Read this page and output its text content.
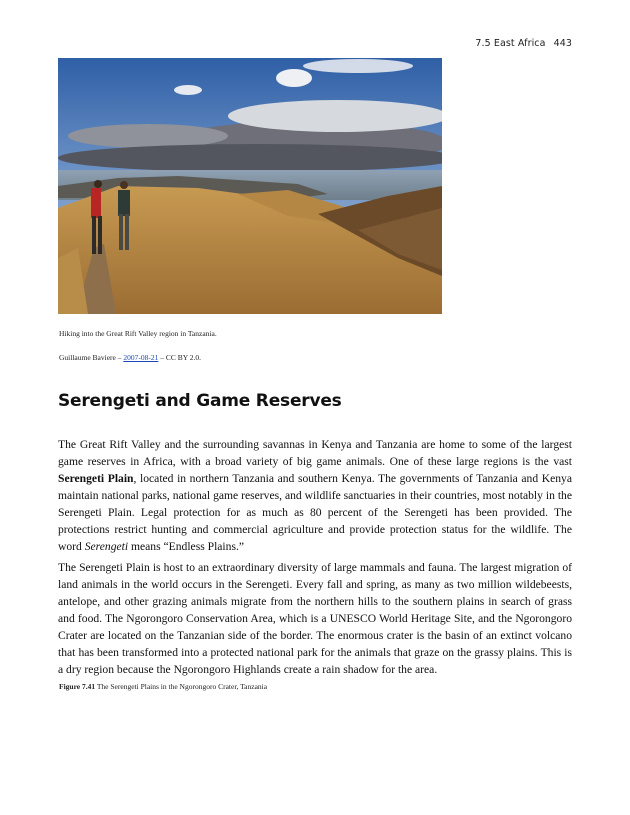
7.5 East Africa 443
Hiking into the Great Rift Valley region in Tanzania.
Guillaume Baviere – 2007-08-21 – CC BY 2.0.
Serengeti and Game Reserves

The Great Rift Valley and the surrounding savannas in Kenya and Tanzania are home to some of the largest game reserves in Africa, with a broad variety of big game animals. One of these large regions is the vast Serengeti Plain, located in northern Tanzania and southern Kenya. The governments of Tanzania and Kenya maintain national parks, national game reserves, and wildlife sanctuaries in their countries, most notably in the Serengeti Plain. Legal protection for as much as 80 percent of the Serengeti has been provided. The protections restrict hunting and commercial agriculture and provide protection status for the wildlife. The word Serengeti means “Endless Plains.”

The Serengeti Plain is host to an extraordinary diversity of large mammals and fauna. The largest migration of land animals in the world occurs in the Serengeti. Every fall and spring, as many as two million wildebeests, antelope, and other grazing animals migrate from the northern hills to the southern plains in search of grass and food. The Ngorongoro Conservation Area, which is a UNESCO World Heritage Site, and the Ngorongoro Crater are located on the Tanzanian side of the border. The enormous crater is the basin of an extinct volcano that has been transformed into a protected national park for the animals that graze on the grassy plains. This is a dry region because the Ngorongoro Highlands create a rain shadow for the area.

Figure 7.41 The Serengeti Plains in the Ngorongoro Crater, Tanzania
